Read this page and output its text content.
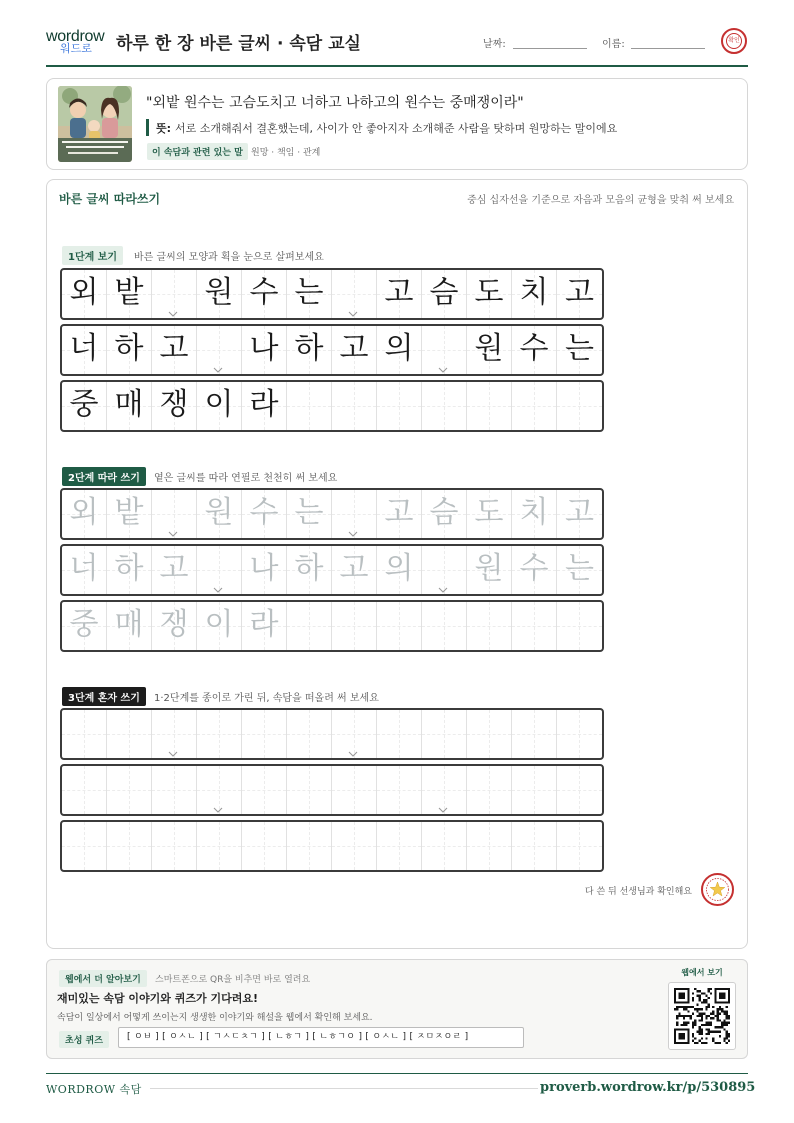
wordrow
워드로 하루 한 장 바른 글씨 · 속담 교실	날짜:	이름:	확인
"외밭 원수는 고슴도치고 너하고 나하고의 원수는 중매쟁이라"
뜻: 서로 소개해줘서 결혼했는데, 사이가 안 좋아지자 소개해준 사람을 탓하며 원망하는 말이에요
이 속담과 관련 있는 말 원망 · 책임 · 관계
바른 글씨 따라쓰기	중심 십자선을 기준으로 자음과 모음의 균형을 맞춰 써 보세요
1단계 보기	바른 글씨의 모양과 획을 눈으로 살펴보세요
2단계 따라 쓰기	옅은 글씨를 따라 연필로 천천히 써 보세요
3단계 혼자 쓰기	1·2단계를 종이로 가린 뒤, 속담을 떠올려 써 보세요
외 밭 원 수 는 고 슴 도 치 고
너 하 고 나 하 고 의 원 수 는
중 매 쟁 이 라
외 밭 원 수 는 고 슴 도 치 고
너 하 고 나 하 고 의 원 수 는
중 매 쟁 이 라
다 쓴 뒤 선생님과 확인해요
웹에서 더 알아보기	스마트폰으로 QR을 비추면 바로 열려요
재미있는 속담 이야기와 퀴즈가 기다려요!
속담이 일상에서 어떻게 쓰이는지 생생한 이야기와 해설을 웹에서 확인해 보세요.
초성 퀴즈	[ ㅇㅂ ] [ ㅇㅅㄴ ] [ ㄱㅅㄷㅊㄱ ] [ ㄴㅎㄱ ] [ ㄴㅎㄱㅇ ] [ ㅇㅅㄴ ] [ ㅈㅁㅈㅇㄹ ]
웹에서 보기
WORDROW 속담	proverb.wordrow.kr/p/530895
